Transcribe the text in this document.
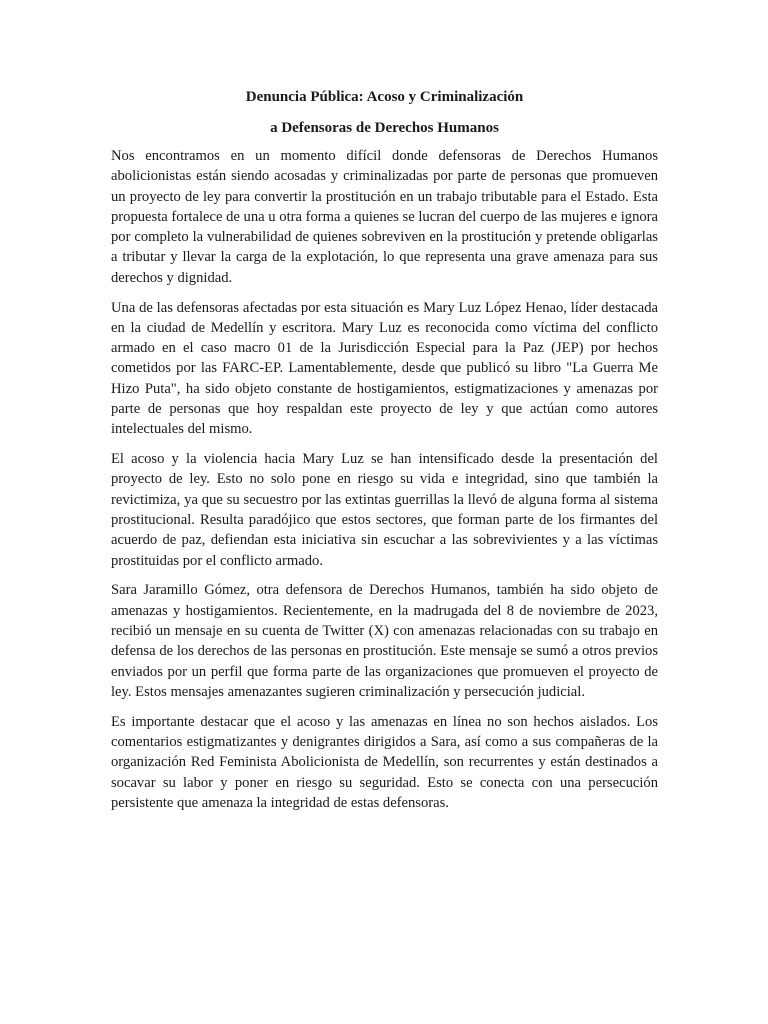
Denuncia Pública: Acoso y Criminalización
a Defensoras de Derechos Humanos

Nos encontramos en un momento difícil donde defensoras de Derechos Humanos abolicionistas están siendo acosadas y criminalizadas por parte de personas que promueven un proyecto de ley para convertir la prostitución en un trabajo tributable para el Estado. Esta propuesta fortalece de una u otra forma a quienes se lucran del cuerpo de las mujeres e ignora por completo la vulnerabilidad de quienes sobreviven en la prostitución y pretende obligarlas a tributar y llevar la carga de la explotación, lo que representa una grave amenaza para sus derechos y dignidad.

Una de las defensoras afectadas por esta situación es Mary Luz López Henao, líder destacada en la ciudad de Medellín y escritora. Mary Luz es reconocida como víctima del conflicto armado en el caso macro 01 de la Jurisdicción Especial para la Paz (JEP) por hechos cometidos por las FARC-EP. Lamentablemente, desde que publicó su libro "La Guerra Me Hizo Puta", ha sido objeto constante de hostigamientos, estigmatizaciones y amenazas por parte de personas que hoy respaldan este proyecto de ley y que actúan como autores intelectuales del mismo.

El acoso y la violencia hacia Mary Luz se han intensificado desde la presentación del proyecto de ley. Esto no solo pone en riesgo su vida e integridad, sino que también la revictimiza, ya que su secuestro por las extintas guerrillas la llevó de alguna forma al sistema prostitucional. Resulta paradójico que estos sectores, que forman parte de los firmantes del acuerdo de paz, defiendan esta iniciativa sin escuchar a las sobrevivientes y a las víctimas prostituidas por el conflicto armado.

Sara Jaramillo Gómez, otra defensora de Derechos Humanos, también ha sido objeto de amenazas y hostigamientos. Recientemente, en la madrugada del 8 de noviembre de 2023, recibió un mensaje en su cuenta de Twitter (X) con amenazas relacionadas con su trabajo en defensa de los derechos de las personas en prostitución. Este mensaje se sumó a otros previos enviados por un perfil que forma parte de las organizaciones que promueven el proyecto de ley. Estos mensajes amenazantes sugieren criminalización y persecución judicial.

Es importante destacar que el acoso y las amenazas en línea no son hechos aislados. Los comentarios estigmatizantes y denigrantes dirigidos a Sara, así como a sus compañeras de la organización Red Feminista Abolicionista de Medellín, son recurrentes y están destinados a socavar su labor y poner en riesgo su seguridad. Esto se conecta con una persecución persistente que amenaza la integridad de estas defensoras.
